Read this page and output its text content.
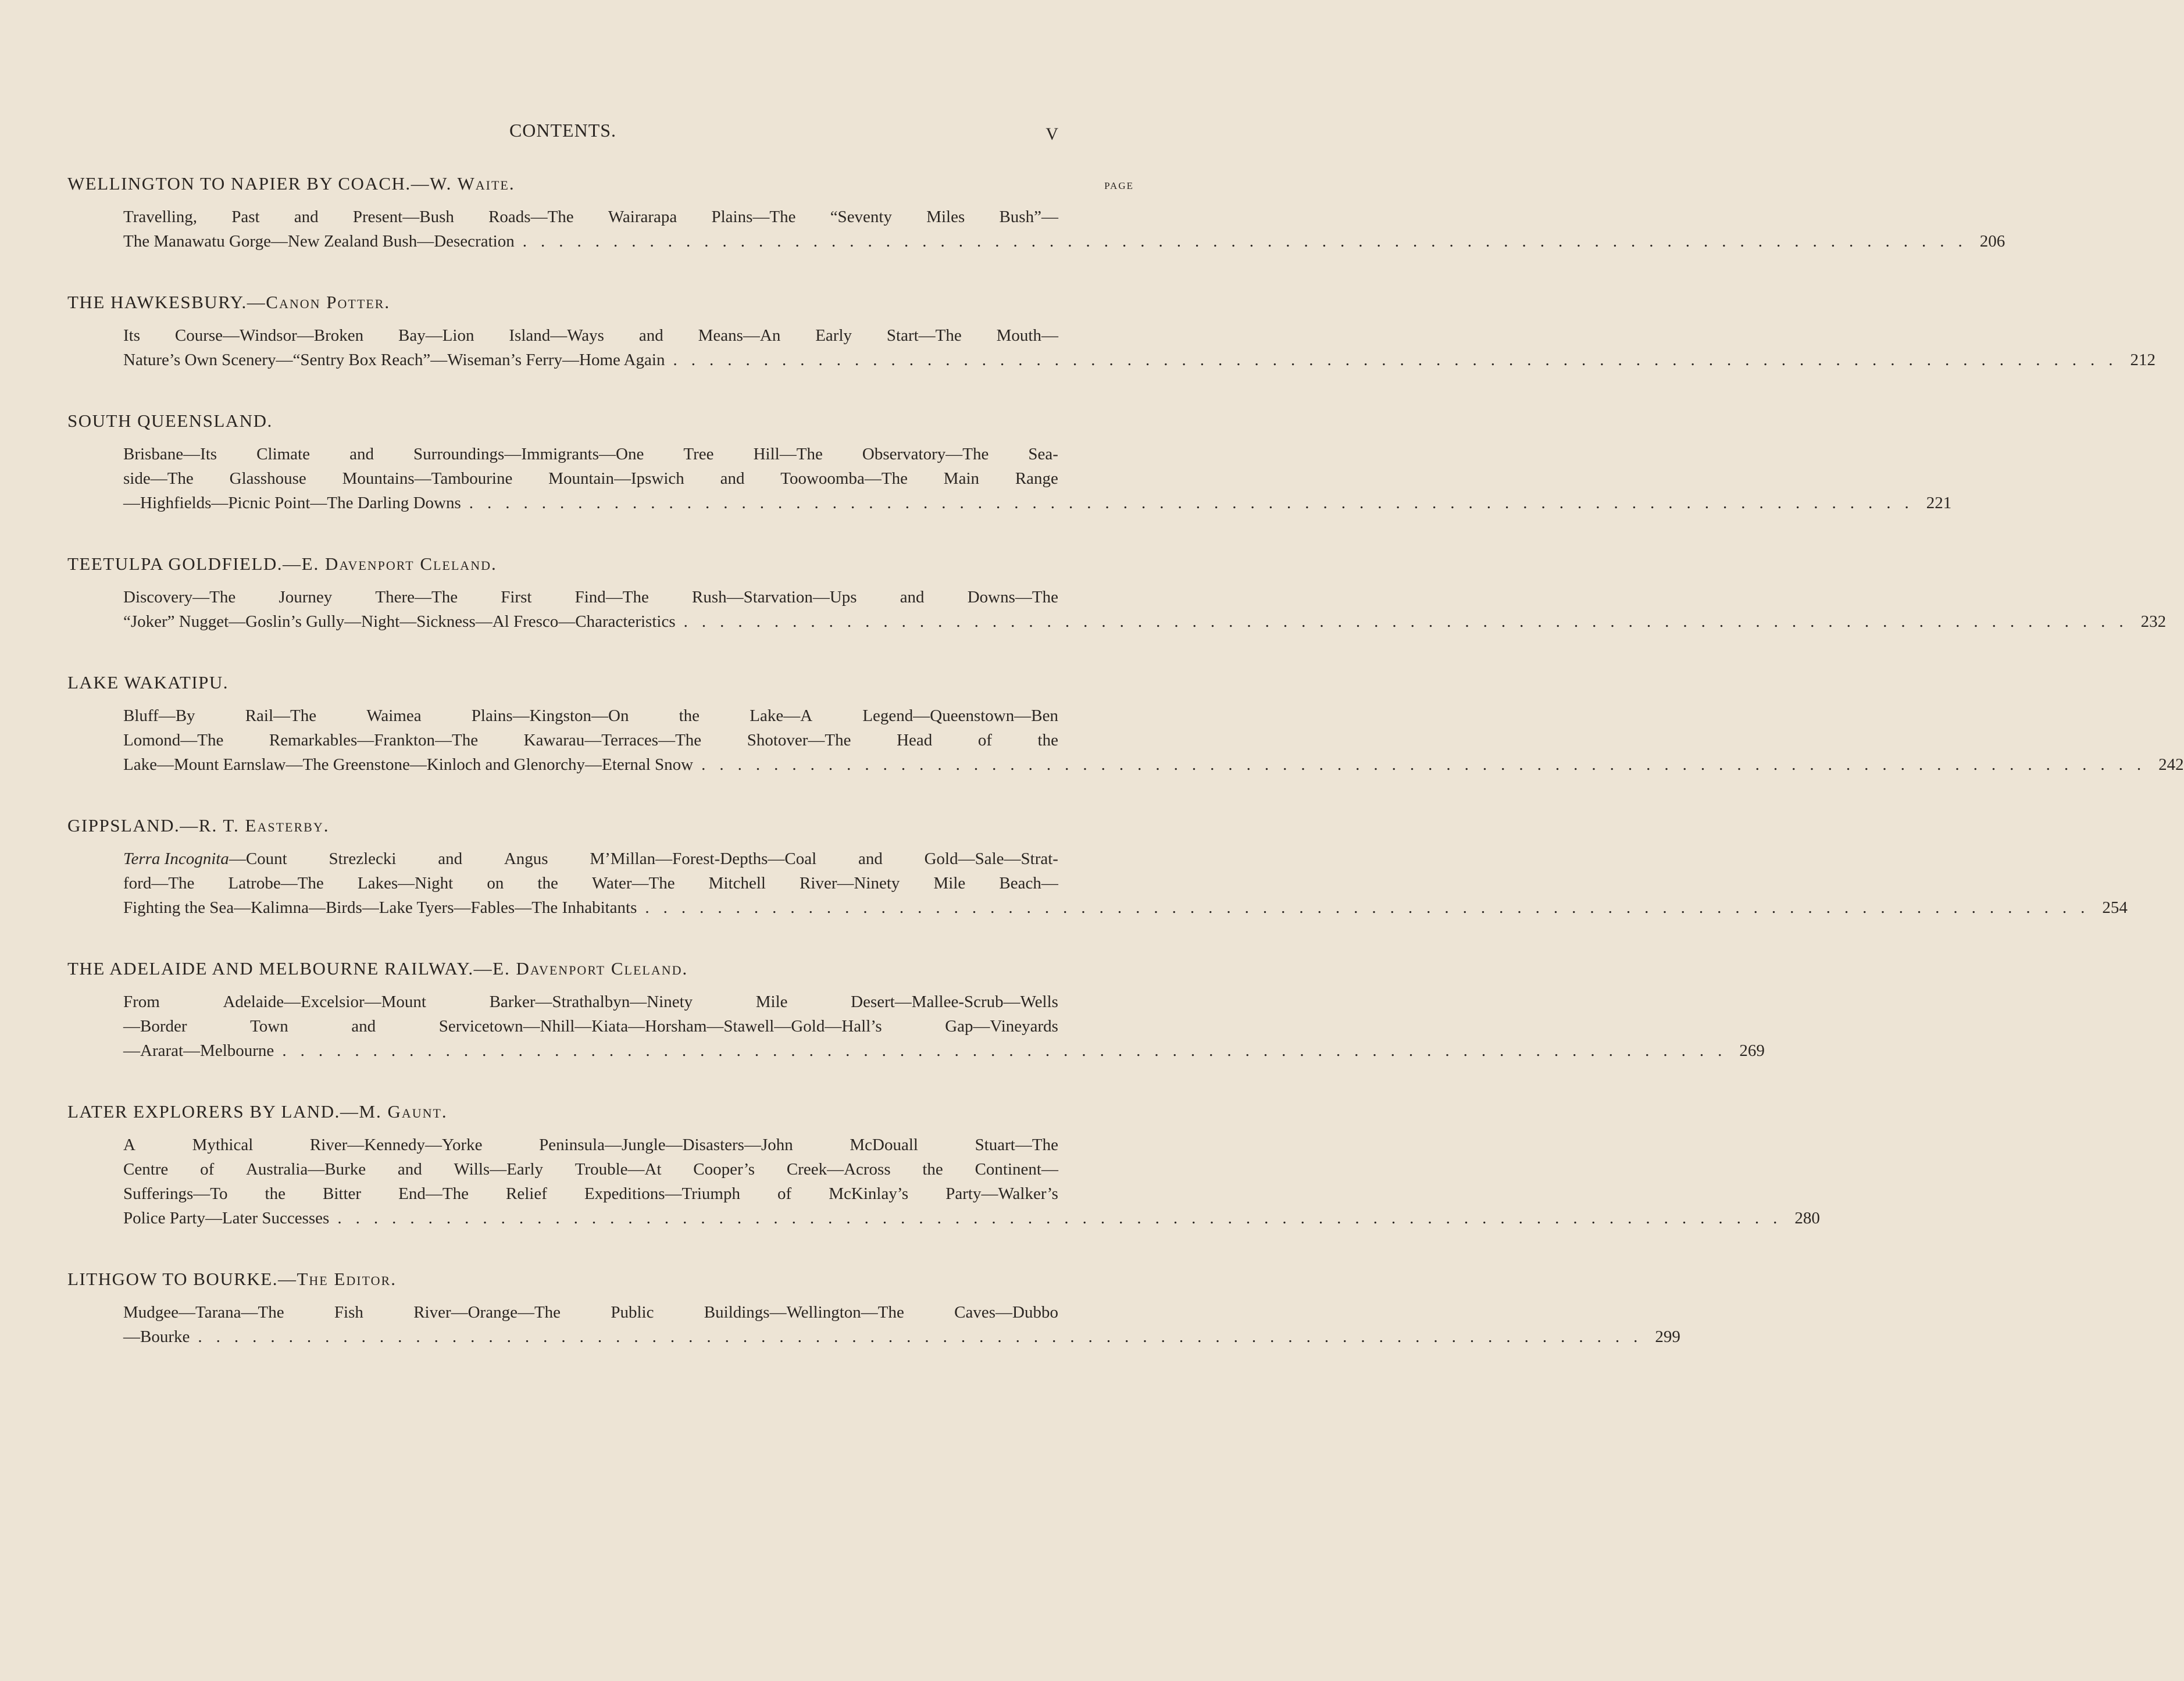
CONTENTS.	V
PAGE
WELLINGTON TO NAPIER BY COACH.—W. Waite.
Travelling, Past and Present—Bush Roads—The Wairarapa Plains—The “Seventy Miles Bush”—
The Manawatu Gorge—New Zealand Bush—Desecration ................................................................................ 206
THE HAWKESBURY.—Canon Potter.
Its Course—Windsor—Broken Bay—Lion Island—Ways and Means—An Early Start—The Mouth—
Nature’s Own Scenery—“Sentry Box Reach”—Wiseman’s Ferry—Home Again ................................................................................ 212
SOUTH QUEENSLAND.
Brisbane—Its Climate and Surroundings—Immigrants—One Tree Hill—The Observatory—The Sea-
side—The Glasshouse Mountains—Tambourine Mountain—Ipswich and Toowoomba—The Main Range
—Highfields—Picnic Point—The Darling Downs ................................................................................ 221
TEETULPA GOLDFIELD.—E. Davenport Cleland.
Discovery—The	Journey	There—The	First	Find—The	Rush—Starvation—Ups	and	Downs—The
“Joker” Nugget—Goslin’s Gully—Night—Sickness—Al Fresco—Characteristics ................................................................................ 232
LAKE WAKATIPU.
Bluff—By	Rail—The	Waimea	Plains—Kingston—On	the	Lake—A	Legend—Queenstown—Ben
Lomond—The	Remarkables—Frankton—The	Kawarau—Terraces—The	Shotover—The	Head	of	the
Lake—Mount Earnslaw—The Greenstone—Kinloch and Glenorchy—Eternal Snow ................................................................................ 242
GIPPSLAND.—R. T. Easterby.
Terra Incognita—Count Strezlecki and Angus M’Millan—Forest-Depths—Coal and Gold—Sale—Strat-
ford—The Latrobe—The Lakes—Night on the Water—The Mitchell River—Ninety Mile Beach—
Fighting the Sea—Kalimna—Birds—Lake Tyers—Fables—The Inhabitants ................................................................................ 254
THE ADELAIDE AND MELBOURNE RAILWAY.—E. Davenport Cleland.
From	Adelaide—Excelsior—Mount	Barker—Strathalbyn—Ninety	Mile	Desert—Mallee-Scrub—Wells
—Border	Town	and	Servicetown—Nhill—Kiata—Horsham—Stawell—Gold—Hall’s	Gap—Vineyards
—Ararat—Melbourne ................................................................................ 269
LATER EXPLORERS BY LAND.—M. Gaunt.
A	Mythical	River—Kennedy—Yorke	Peninsula—Jungle—Disasters—John	McDouall	Stuart—The
Centre of Australia—Burke and Wills—Early Trouble—At Cooper’s Creek—Across the Continent—
Sufferings—To the Bitter End—The Relief Expeditions—Triumph of McKinlay’s Party—Walker’s
Police Party—Later Successes ................................................................................ 280
LITHGOW TO BOURKE.—The Editor.
Mudgee—Tarana—The	Fish	River—Orange—The	Public	Buildings—Wellington—The	Caves—Dubbo
—Bourke ................................................................................ 299
